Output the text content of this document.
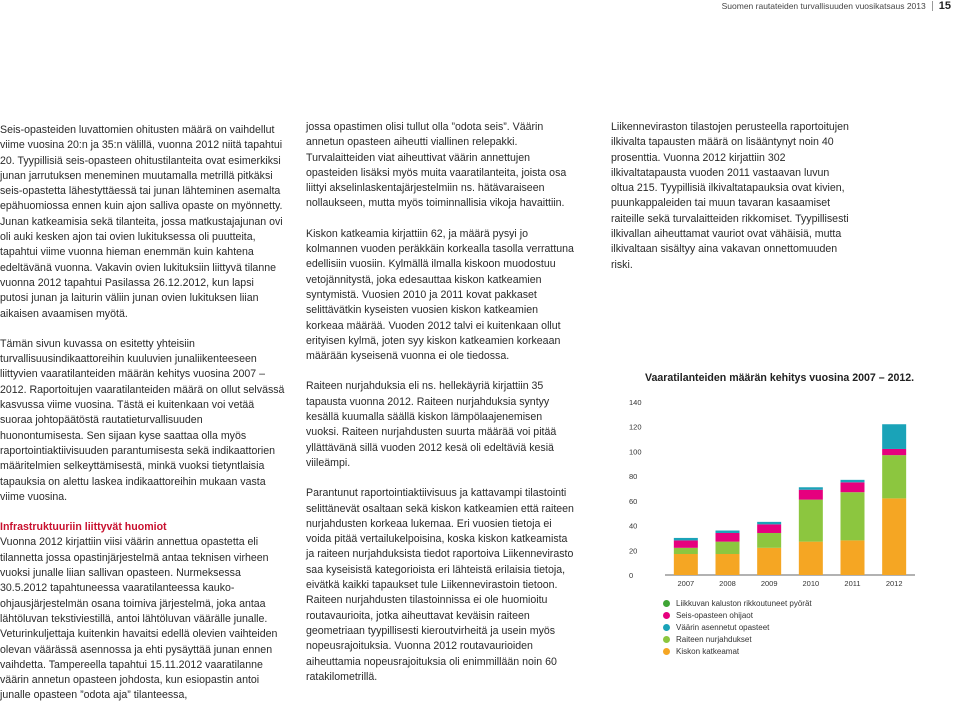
Suomen rautateiden turvallisuuden vuosikatsaus 2013 15

Seis-opasteiden luvattomien ohitusten määrä on vaihdellut viime vuosina 20:n ja 35:n välillä, vuonna 2012 niitä tapahtui 20. Tyypillisiä seis-opasteen ohitustilanteita ovat esimerkiksi junan jarrutuksen meneminen muutamalla metrillä pitkäksi seis-opastetta lähestyttäessä tai junan lähteminen asemalta epähuomiossa ennen kuin ajon salliva opaste on myönnetty. Junan katkeamisia sekä tilanteita, jossa matkustajajunan ovi oli auki kesken ajon tai ovien lukituksessa oli puutteita, tapahtui viime vuonna hieman enemmän kuin kahtena edeltävänä vuonna. Vakavin ovien lukituksiin liittyvä tilanne vuonna 2012 tapahtui Pasilassa 26.12.2012, kun lapsi putosi junan ja laiturin väliin junan ovien lukituksen liian aikaisen avaamisen myötä.

Tämän sivun kuvassa on esitetty yhteisiin turvallisuusindikaattoreihin kuuluvien junaliikenteeseen liittyvien vaaratilanteiden määrän kehitys vuosina 2007 – 2012. Raportoitujen vaaratilanteiden määrä on ollut selvässä kasvussa viime vuosina. Tästä ei kuitenkaan voi vetää suoraa johtopäätöstä rautatieturvallisuuden huonontumisesta. Sen sijaan kyse saattaa olla myös raportointiaktiivisuuden parantumisesta sekä indikaattorien määritelmien selkeyttämisestä, minkä vuoksi tietyntlaisia tapauksia on alettu laskea indikaattoreihin mukaan vasta viime vuosina.

Infrastruktuuriin liittyvät huomiot

Vuonna 2012 kirjattiin viisi väärin annettua opastetta eli tilannetta jossa opastinjärjestelmä antaa teknisen virheen vuoksi junalle liian sallivan opasteen. Nurmeksessa 30.5.2012 tapahtuneessa vaaratilanteessa kauko-ohjausjärjestelmän osana toimiva järjestelmä, joka antaa lähtöluvan tekstiviestillä, antoi lähtöluvan väärälle junalle. Veturinkuljettaja kuitenkin havaitsi edellä olevien vaihteiden olevan väärässä asennossa ja ehti pysäyttää junan ennen vaihdetta. Tampereella tapahtui 15.11.2012 vaaratilanne väärin annetun opasteen johdosta, kun esiopastin antoi junalle opasteen ”odota aja” tilanteessa,

jossa opastimen olisi tullut olla ”odota seis”. Väärin annetun opasteen aiheutti viallinen relepakki. Turvalaitteiden viat aiheuttivat väärin annettujen opasteiden lisäksi myös muita vaaratilanteita, joista osa liittyi akselinlaskentajärjestelmiin ns. hätävaraiseen nollaukseen, mutta myös toiminnallisia vikoja havaittiin.

Kiskon katkeamia kirjattiin 62, ja määrä pysyi jo kolmannen vuoden peräkkäin korkealla tasolla verrattuna edellisiin vuosiin. Kylmällä ilmalla kiskoon muodostuu vetojännitystä, joka edesauttaa kiskon katkeamien syntymistä. Vuosien 2010 ja 2011 kovat pakkaset selittävätkin kyseisten vuosien kiskon katkeamien korkeaa määrää. Vuoden 2012 talvi ei kuitenkaan ollut erityisen kylmä, joten syy kiskon katkeamien korkeaan määrään kyseisenä vuonna ei ole tiedossa.

Raiteen nurjahduksia eli ns. hellekäyriä kirjattiin 35 tapausta vuonna 2012. Raiteen nurjahduksia syntyy kesällä kuumalla säällä kiskon lämpölaajenemisen vuoksi. Raiteen nurjahdusten suurta määrää voi pitää yllättävänä sillä vuoden 2012 kesä oli edeltäviä kesiä viileämpi.

Parantunut raportointiaktiivisuus ja kattavampi tilastointi selittänevät osaltaan sekä kiskon katkeamien että raiteen nurjahdusten korkeaa lukemaa. Eri vuosien tietoja ei voida pitää vertailukelpoisina, koska kiskon katkeamista ja raiteen nurjahduksista tiedot raportoiva Liikennevirasto saa kyseisistä kategorioista eri lähteistä erilaisia tietoja, eivätkä kaikki tapaukset tule Liikennevirastoin tietoon. Raiteen nurjahdusten tilastoinnissa ei ole huomioitu routavaurioita, jotka aiheuttavat keväisin raiteen geometriaan tyypillisesti kieroutvirheitä ja usein myös nopeusrajoituksia. Vuonna 2012 routavaurioiden aiheuttamia nopeusrajoituksia oli enimmillään noin 60 ratakilometrillä.

Liikenneviraston tilastojen perusteella raportoitujen ilkivalta tapausten määrä on lisääntynyt noin 40 prosenttia. Vuonna 2012 kirjattiin 302 ilkivaltatapausta vuoden 2011 vastaavan luvun oltua 215. Tyypillisiä ilkivaltatapauksia ovat kivien, puunkappaleiden tai muun tavaran kasaamiset raiteille sekä turvalaitteiden rikkomiset. Tyypillisesti ilkivallan aiheuttamat vauriot ovat vähäisiä, mutta ilkivaltaan sisältyy aina vakavan onnettomuuden riski.

Vaaratilanteiden määrän kehitys vuosina 2007 – 2012.
0
20
40
60
80
100
120
140
2007	2008	2009	2010	2011	2012
Liikkuvan kaluston rikkoutuneet pyörät
Seis-opasteen ohijaot
Väärin asennetut opasteet
Raiteen nurjahdukset
Kiskon katkeamat
